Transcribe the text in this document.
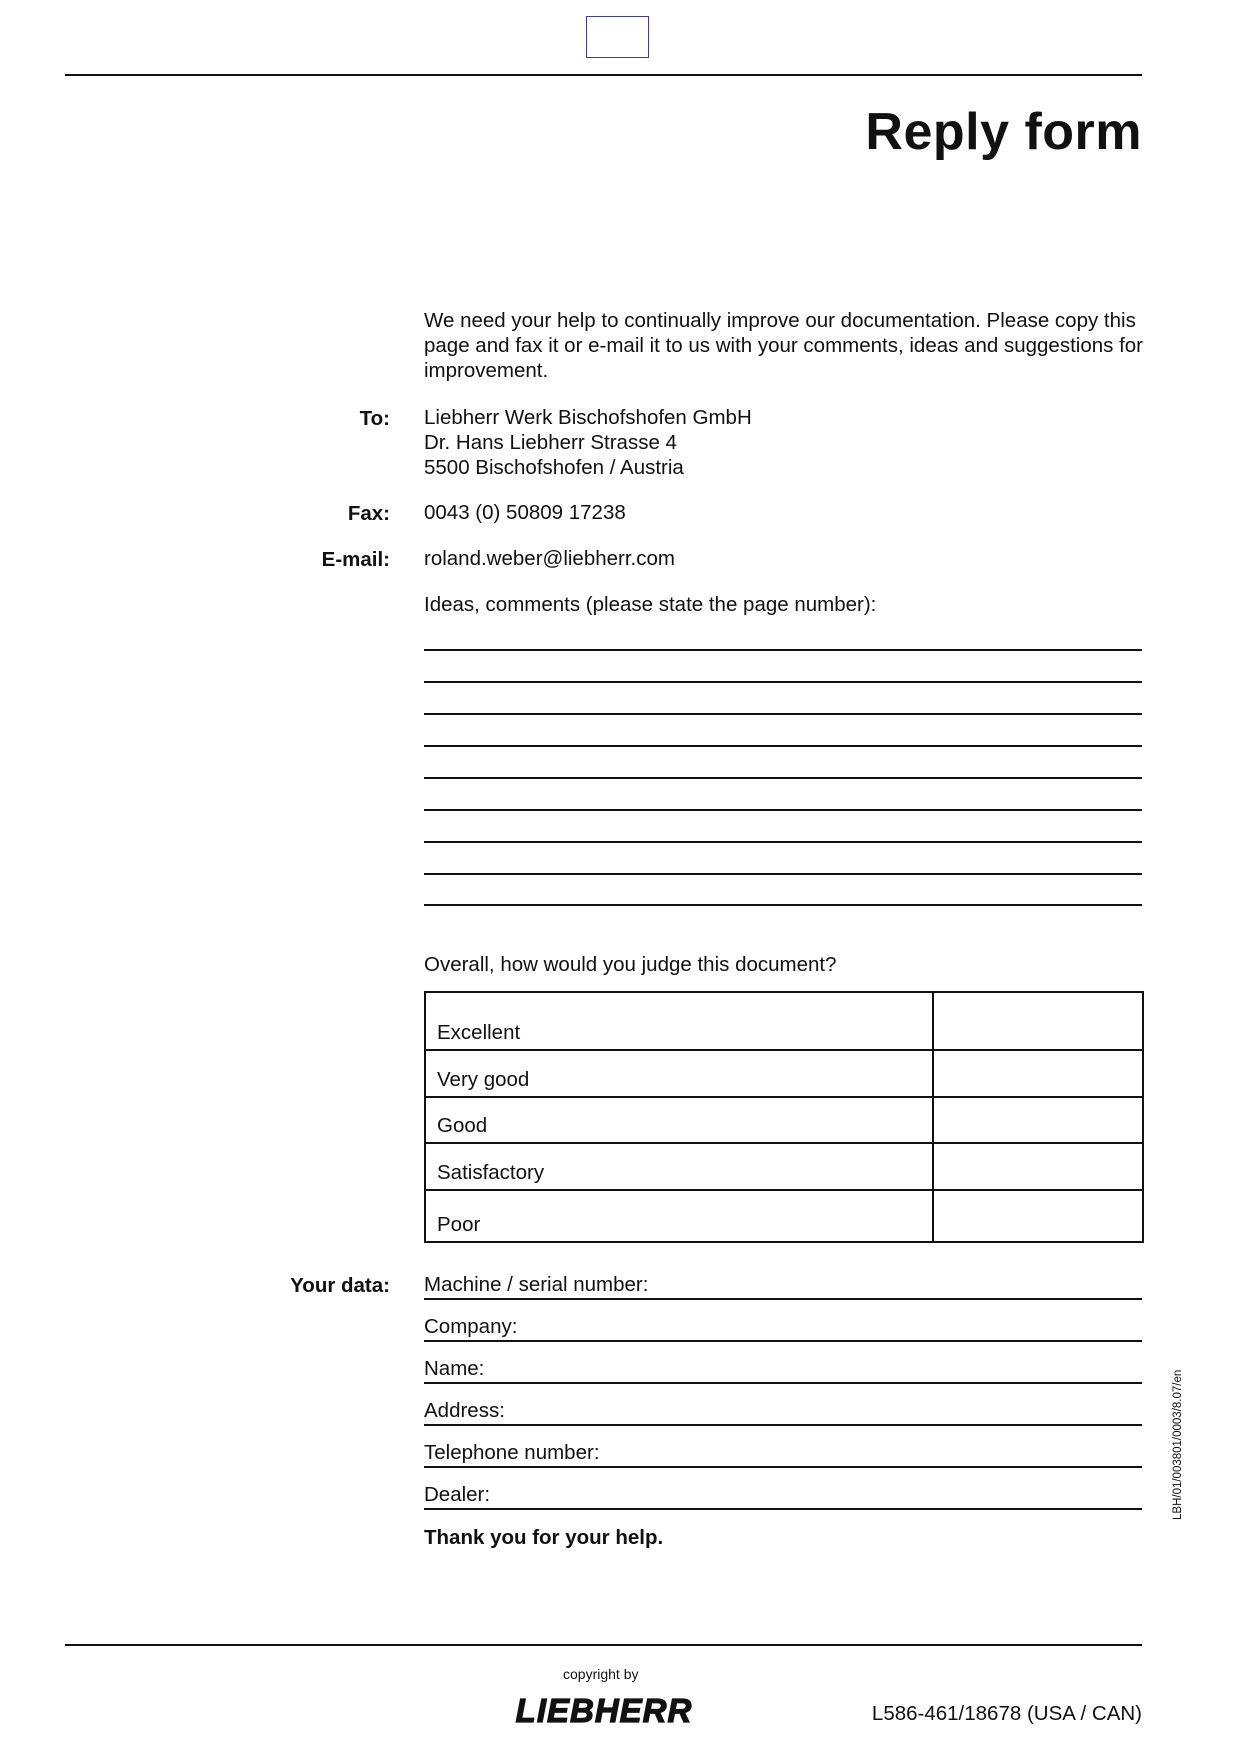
Reply form
We need your help to continually improve our documentation. Please copy this page and fax it or e-mail it to us with your comments, ideas and suggestions for improvement.
To: Liebherr Werk Bischofshofen GmbH
Dr. Hans Liebherr Strasse 4
5500 Bischofshofen / Austria
Fax: 0043 (0) 50809 17238
E-mail: roland.weber@liebherr.com
Ideas, comments (please state the page number):
Overall, how would you judge this document?
Excellent
Very good
Good
Satisfactory
Poor
Your data: Machine / serial number:
Company:
Name:
Address:
Telephone number:
Dealer:
Thank you for your help.
LBH/01/003801/0003/8.07/en
copyright by
LIEBHERR	L586-461/18678 (USA / CAN)
